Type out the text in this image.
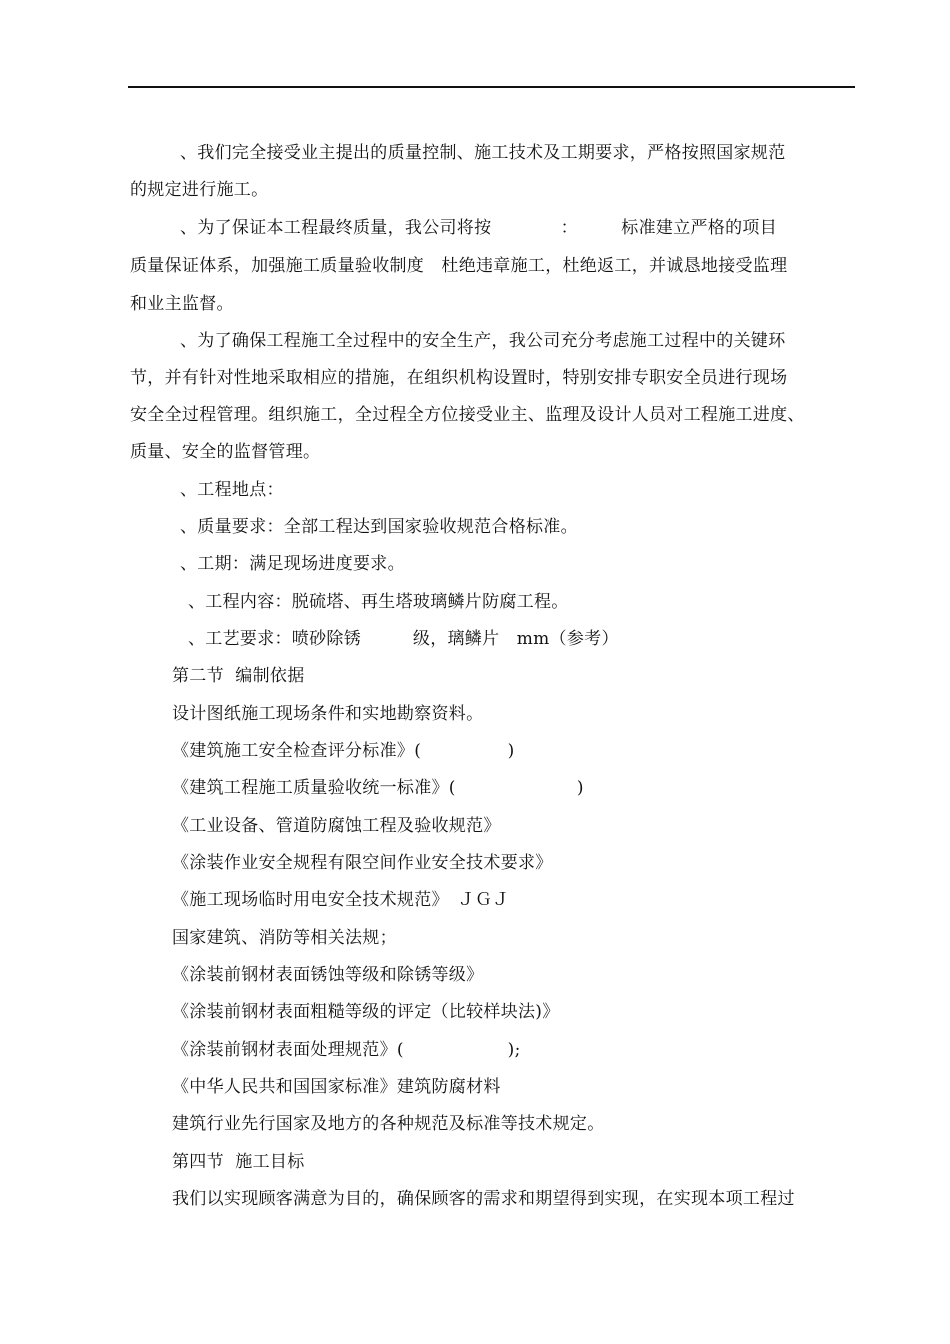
、我们完全接受业主提出的质量控制、施工技术及工期要求，严格按照国家规范
的规定进行施工。
、为了保证本工程最终质量，我公司将按　　　　：　　　标准建立严格的项目
质量保证体系，加强施工质量验收制度　杜绝违章施工，杜绝返工，并诚恳地接受监理
和业主监督。
、为了确保工程施工全过程中的安全生产，我公司充分考虑施工过程中的关键环
节，并有针对性地采取相应的措施，在组织机构设置时，特别安排专职安全员进行现场
安全全过程管理。组织施工，全过程全方位接受业主、监理及设计人员对工程施工进度、
质量、安全的监督管理。
、工程地点：
、质量要求：全部工程达到国家验收规范合格标准。
、工期：满足现场进度要求。
、工程内容：脱硫塔、再生塔玻璃鳞片防腐工程。
、工艺要求：喷砂除锈　　　级，璃鳞片　mm（参考）
第二节  编制依据
设计图纸施工现场条件和实地勘察资料。
《建筑施工安全检查评分标准》(　　　　　)
《建筑工程施工质量验收统一标准》(　　　　　　　)
《工业设备、管道防腐蚀工程及验收规范》
《涂装作业安全规程有限空间作业安全技术要求》
《施工现场临时用电安全技术规范》　ＪＧＪ
国家建筑、消防等相关法规；
《涂装前钢材表面锈蚀等级和除锈等级》
《涂装前钢材表面粗糙等级的评定（比较样块法)》
《涂装前钢材表面处理规范》(　　　　　　);
《中华人民共和国国家标准》建筑防腐材料
建筑行业先行国家及地方的各种规范及标准等技术规定。
第四节  施工目标
我们以实现顾客满意为目的，确保顾客的需求和期望得到实现，在实现本项工程过
